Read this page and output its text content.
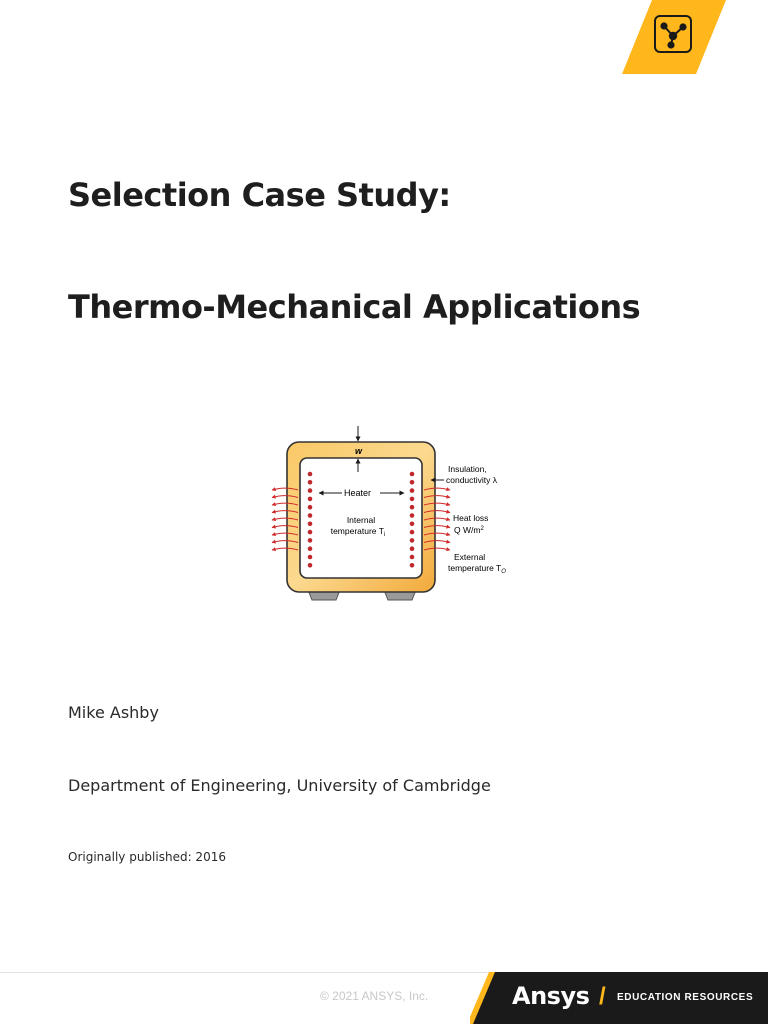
Selection Case Study:
Thermo-Mechanical Applications
w
Heater
Internal
temperature $T_i$
Insulation,
conductivity λ
Heat loss
Q $W/m^2$
External
temperature $T_O$

Mike Ashby

Department of Engineering, University of Cambridge

Originally published: 2016

© 2021 ANSYS, Inc.	Ansys / EDUCATION RESOURCES
